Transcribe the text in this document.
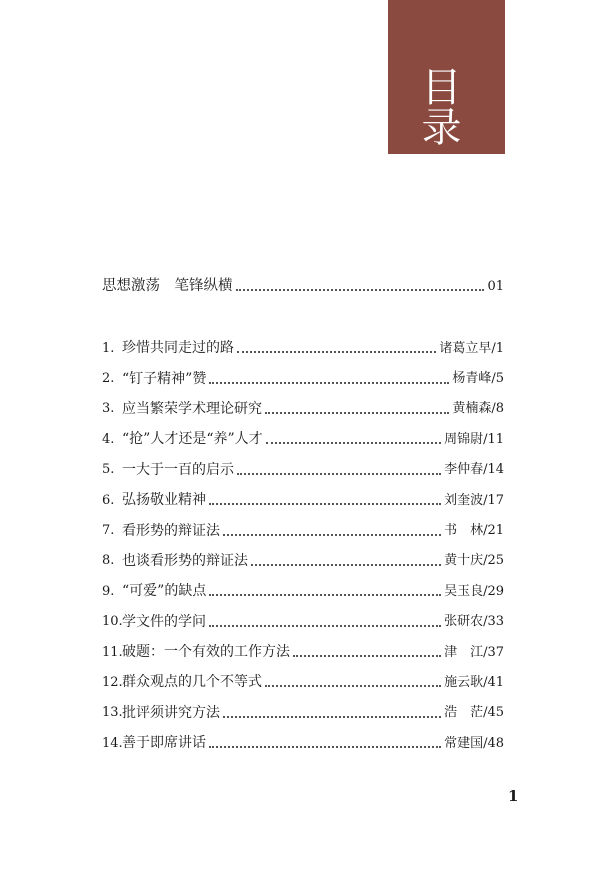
目 录
思想激荡　笔锋纵横	01
1. 珍惜共同走过的路	诸葛立早 /1
2. “钉子精神”赞	杨青峰 /5
3. 应当繁荣学术理论研究	黄楠森 /8
4. “抢”人才还是“养”人才	周锦尉 /11
5. 一大于一百的启示	李仲春 /14
6. 弘扬敬业精神	刘奎波 /17
7. 看形势的辩证法	书　林 /21
8. 也谈看形势的辩证法	黄十庆 /25
9. “可爱”的缺点	吴玉良 /29
10. 学文件的学问	张研农 /33
11. 破题：一个有效的工作方法	津　江 /37
12. 群众观点的几个不等式	施云耿 /41
13. 批评须讲究方法	浩　茫 /45
14. 善于即席讲话	常建国 /48
1
